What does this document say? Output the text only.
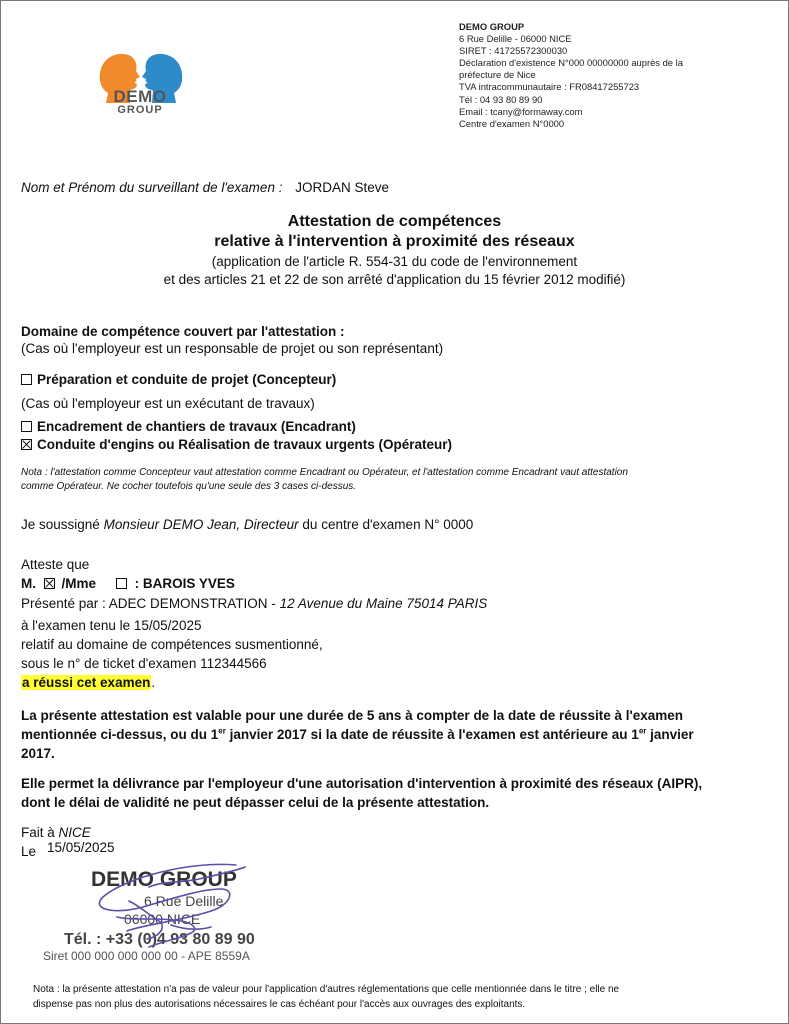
DEMO
GROUP
DEMO GROUP
6 Rue Delille - 06000 NICE
SIRET : 41725572300030
Déclaration d'existence N°000 00000000 auprès de la
préfecture de Nice
TVA intracommunautaire : FR08417255723
Tél : 04 93 80 89 90
Email : tcany@formaway.com
Centre d'examen N°0000
Nom et Prénom du surveillant de l'examen : JORDAN Steve
Attestation de compétences
relative à l'intervention à proximité des réseaux
(application de l'article R. 554-31 du code de l'environnement
et des articles 21 et 22 de son arrêté d'application du 15 février 2012 modifié)
Domaine de compétence couvert par l'attestation :
(Cas où l'employeur est un responsable de projet ou son représentant)
Préparation et conduite de projet (Concepteur)
(Cas où l'employeur est un exécutant de travaux)
Encadrement de chantiers de travaux (Encadrant)
Conduite d'engins ou Réalisation de travaux urgents (Opérateur)
Nota : l'attestation comme Concepteur vaut attestation comme Encadrant ou Opérateur, et l'attestation comme Encadrant vaut attestation
comme Opérateur. Ne cocher toutefois qu'une seule des 3 cases ci-dessus.
Je soussigné Monsieur DEMO Jean, Directeur du centre d'examen N° 0000
Atteste que
M. /Mme	: BAROIS YVES
Présenté par : ADEC DEMONSTRATION - 12 Avenue du Maine 75014 PARIS
à l'examen tenu le 15/05/2025
relatif au domaine de compétences susmentionné,
sous le n° de ticket d'examen 112344566
a réussi cet examen.
La présente attestation est valable pour une durée de 5 ans à compter de la date de réussite à l'examen
mentionnée ci-dessus, ou du 1er janvier 2017 si la date de réussite à l'examen est antérieure au 1er janvier
2017.
Elle permet la délivrance par l'employeur d'une autorisation d'intervention à proximité des réseaux (AIPR),
dont le délai de validité ne peut dépasser celui de la présente attestation.
Fait à NICE
Le 15/05/2025
DEMO GROUP
6 Rue Delille
06000 NICE
Tél. : +33 (0)4 93 80 89 90
Siret 000 000 000 000 00 - APE 8559A
Nota : la présente attestation n'a pas de valeur pour l'application d'autres réglementations que celle mentionnée dans le titre ; elle ne
dispense pas non plus des autorisations nécessaires le cas échéant pour l'accès aux ouvrages des exploitants.
